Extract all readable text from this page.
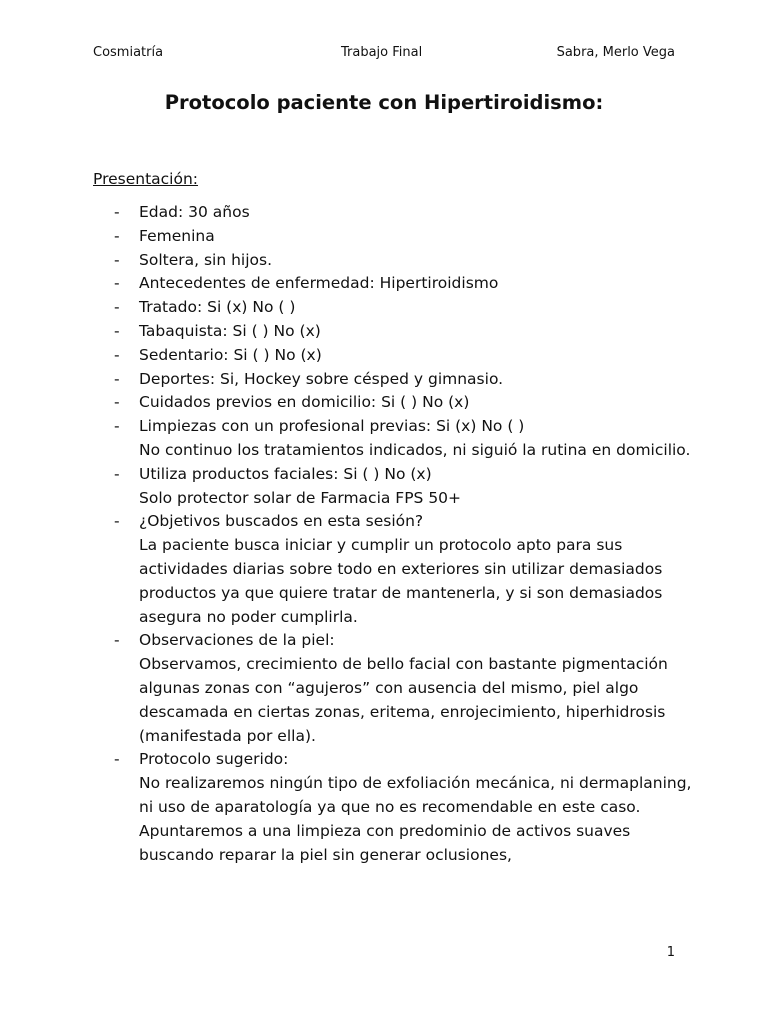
Cosmiatría	Trabajo Final	Sabra, Merlo Vega
Protocolo paciente con Hipertiroidismo:
Presentación:
- Edad: 30 años
- Femenina
- Soltera, sin hijos.
- Antecedentes de enfermedad: Hipertiroidismo
- Tratado: Si (x) No ( )
- Tabaquista: Si ( ) No (x)
- Sedentario: Si ( ) No (x)
- Deportes: Si, Hockey sobre césped y gimnasio.
- Cuidados previos en domicilio: Si ( ) No (x)
- Limpiezas con un profesional previas: Si (x) No ( )
No continuo los tratamientos indicados, ni siguió la rutina en domicilio.
- Utiliza productos faciales: Si ( ) No (x)
Solo protector solar de Farmacia FPS 50+
- ¿Objetivos buscados en esta sesión?
La paciente busca iniciar y cumplir un protocolo apto para sus actividades diarias sobre todo en exteriores sin utilizar demasiados productos ya que quiere tratar de mantenerla, y si son demasiados asegura no poder cumplirla.
- Observaciones de la piel:
Observamos, crecimiento de bello facial con bastante pigmentación algunas zonas con “agujeros” con ausencia del mismo, piel algo descamada en ciertas zonas, eritema, enrojecimiento, hiperhidrosis (manifestada por ella).
- Protocolo sugerido:
No realizaremos ningún tipo de exfoliación mecánica, ni dermaplaning, ni uso de aparatología ya que no es recomendable en este caso. Apuntaremos a una limpieza con predominio de activos suaves buscando reparar la piel sin generar oclusiones,
1
